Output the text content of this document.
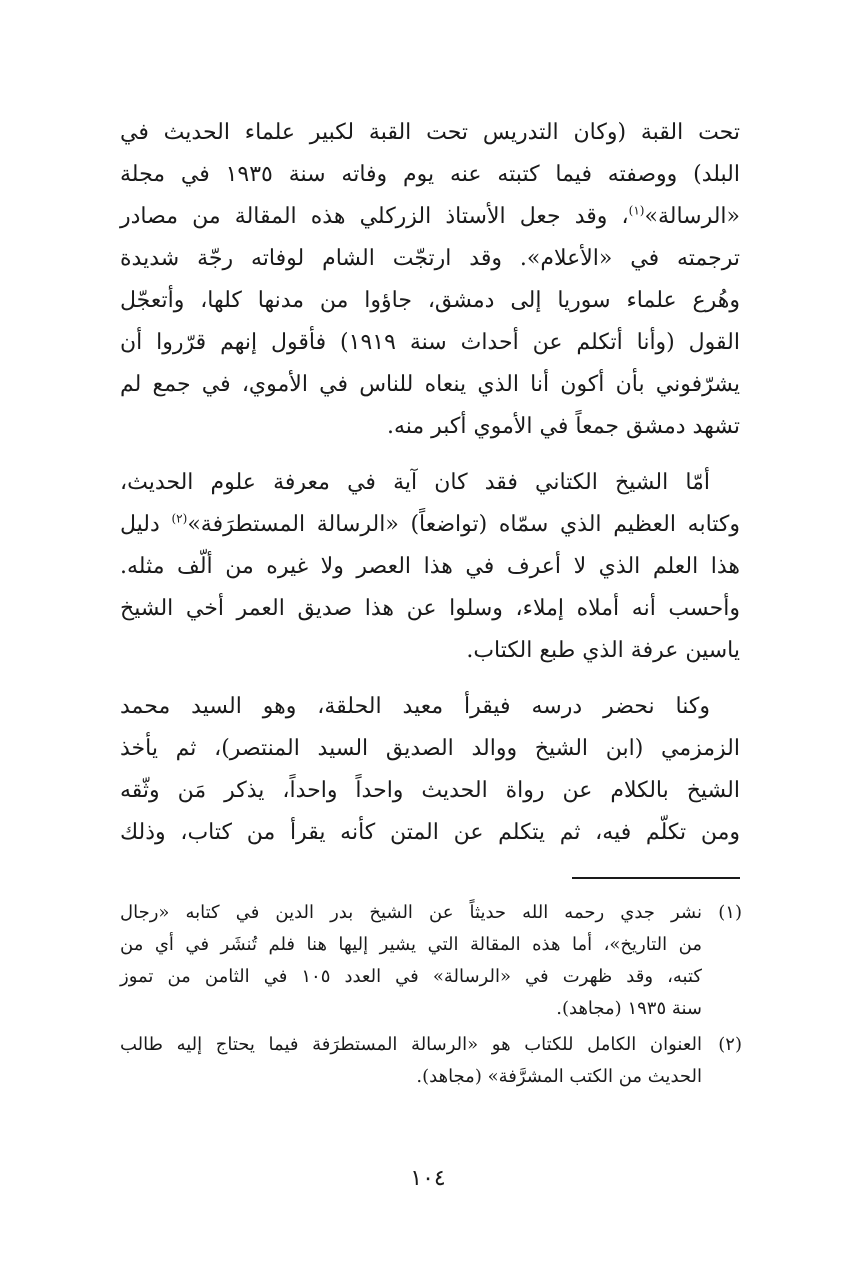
تحت القبة (وكان التدريس تحت القبة لكبير علماء الحديث في
البلد) ووصفته فيما كتبته عنه يوم وفاته سنة ١٩٣٥ في مجلة
«الرسالة»$^{(١)}$، وقد جعل الأستاذ الزركلي هذه المقالة من مصادر
ترجمته في «الأعلام». وقد ارتجّت الشام لوفاته رجّة شديدة
وهُرع علماء سوريا إلى دمشق، جاؤوا من مدنها كلها، وأتعجّل
القول (وأنا أتكلم عن أحداث سنة ١٩١٩) فأقول إنهم قرّروا أن
يشرّفوني بأن أكون أنا الذي ينعاه للناس في الأموي، في جمع لم
تشهد دمشق جمعاً في الأموي أكبر منه.

أمّا الشيخ الكتاني فقد كان آية في معرفة علوم الحديث،
وكتابه العظيم الذي سمّاه (تواضعاً) «الرسالة المستطرَفة»$^{(٢)}$ دليل
هذا العلم الذي لا أعرف في هذا العصر ولا غيره من ألّف مثله.
وأحسب أنه أملاه إملاء، وسلوا عن هذا صديق العمر أخي الشيخ
ياسين عرفة الذي طبع الكتاب.

وكنا نحضر درسه فيقرأ معيد الحلقة، وهو السيد محمد
الزمزمي (ابن الشيخ ووالد الصديق السيد المنتصر)، ثم يأخذ
الشيخ بالكلام عن رواة الحديث واحداً واحداً، يذكر مَن وثّقه
ومن تكلّم فيه، ثم يتكلم عن المتن كأنه يقرأ من كتاب، وذلك

(١)
نشر جدي رحمه الله حديثاً عن الشيخ بدر الدين في كتابه «رجال
من التاريخ»، أما هذه المقالة التي يشير إليها هنا فلم تُنشَر في أي من
كتبه، وقد ظهرت في «الرسالة» في العدد ١٠٥ في الثامن من تموز
سنة ١٩٣٥ (مجاهد).
(٢)
العنوان الكامل للكتاب هو «الرسالة المستطرَفة فيما يحتاج إليه طالب
الحديث من الكتب المشرَّفة» (مجاهد).
١٠٤
